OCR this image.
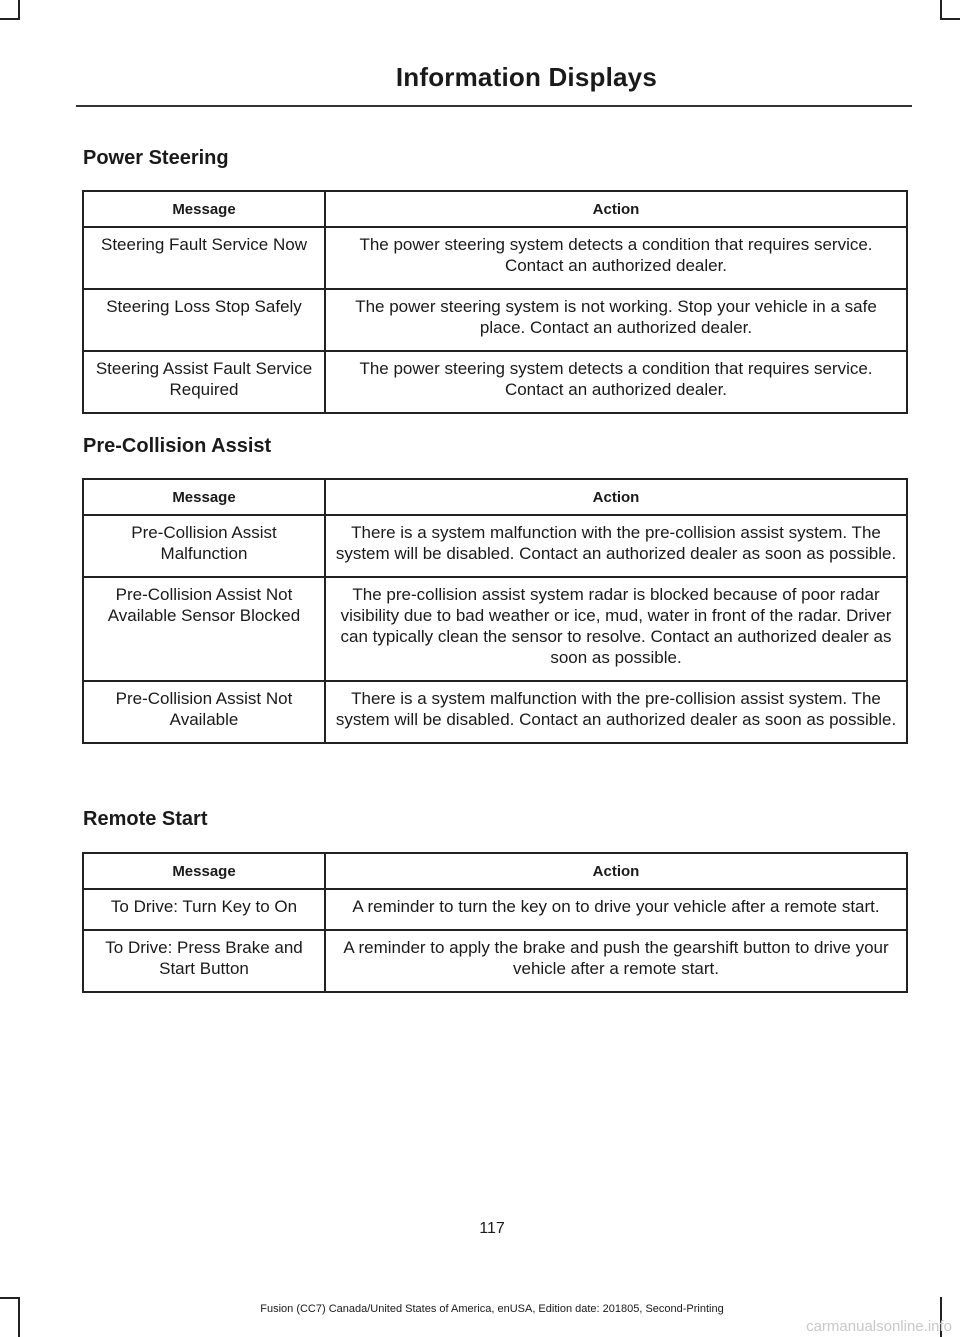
Information Displays
Power Steering
Message	Action
Steering Fault Service Now	The power steering system detects a condition that requires service. Contact an authorized dealer.
Steering Loss Stop Safely	The power steering system is not working. Stop your vehicle in a safe place. Contact an authorized dealer.
Steering Assist Fault Service Required	The power steering system detects a condition that requires service. Contact an authorized dealer.
Pre-Collision Assist
Message	Action
Pre-Collision Assist Malfunction	There is a system malfunction with the pre-collision assist system. The system will be disabled. Contact an authorized dealer as soon as possible.
Pre-Collision Assist Not Available Sensor Blocked	The pre-collision assist system radar is blocked because of poor radar visibility due to bad weather or ice, mud, water in front of the radar. Driver can typically clean the sensor to resolve. Contact an authorized dealer as soon as possible.
Pre-Collision Assist Not Available	There is a system malfunction with the pre-collision assist system. The system will be disabled. Contact an authorized dealer as soon as possible.
Remote Start
Message	Action
To Drive: Turn Key to On	A reminder to turn the key on to drive your vehicle after a remote start.
To Drive: Press Brake and Start Button	A reminder to apply the brake and push the gearshift button to drive your vehicle after a remote start.
117
Fusion (CC7) Canada/United States of America, enUSA, Edition date: 201805, Second-Printing
carmanualsonline.info
